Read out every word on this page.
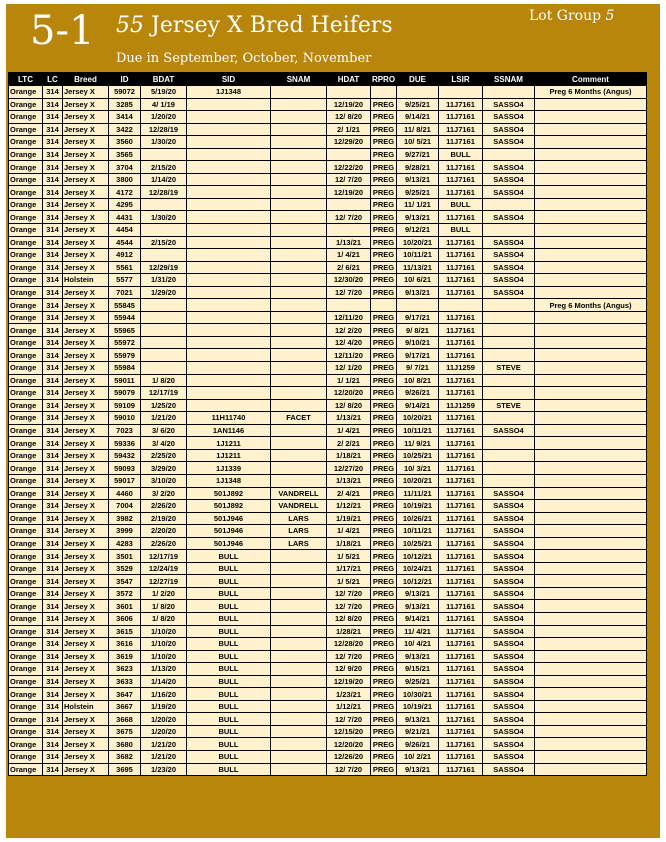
5-1 55 Jersey X Bred Heifers
Due in September, October, November
Lot Group 5
LTC	LC	Breed	ID	BDAT	SID	SNAM	HDAT	RPRO	DUE	LSIR	SSNAM	Comment
Orange	314	Jersey X	59072	5/19/20	1J1348							Preg 6 Months (Angus)
Orange	314	Jersey X	3285	4/ 1/19			12/19/20	PREG	9/25/21	11J7161	SASSO4	
Orange	314	Jersey X	3414	1/20/20			12/ 8/20	PREG	9/14/21	11J7161	SASSO4	
Orange	314	Jersey X	3422	12/28/19			2/ 1/21	PREG	11/ 8/21	11J7161	SASSO4	
Orange	314	Jersey X	3560	1/30/20			12/29/20	PREG	10/ 5/21	11J7161	SASSO4	
Orange	314	Jersey X	3565					PREG	9/27/21	BULL		
Orange	314	Jersey X	3704	2/15/20			12/22/20	PREG	9/28/21	11J7161	SASSO4	
Orange	314	Jersey X	3800	1/14/20			12/ 7/20	PREG	9/13/21	11J7161	SASSO4	
Orange	314	Jersey X	4172	12/28/19			12/19/20	PREG	9/25/21	11J7161	SASSO4	
Orange	314	Jersey X	4295					PREG	11/ 1/21	BULL		
Orange	314	Jersey X	4431	1/30/20			12/ 7/20	PREG	9/13/21	11J7161	SASSO4	
Orange	314	Jersey X	4454					PREG	9/12/21	BULL		
Orange	314	Jersey X	4544	2/15/20			1/13/21	PREG	10/20/21	11J7161	SASSO4	
Orange	314	Jersey X	4912				1/ 4/21	PREG	10/11/21	11J7161	SASSO4	
Orange	314	Jersey X	5561	12/29/19			2/ 6/21	PREG	11/13/21	11J7161	SASSO4	
Orange	314	Holstein	5577	1/31/20			12/30/20	PREG	10/ 6/21	11J7161	SASSO4	
Orange	314	Jersey X	7021	1/29/20			12/ 7/20	PREG	9/13/21	11J7161	SASSO4	
Orange	314	Jersey X	55845									Preg 6 Months (Angus)
Orange	314	Jersey X	55944				12/11/20	PREG	9/17/21	11J7161		
Orange	314	Jersey X	55965				12/ 2/20	PREG	9/ 8/21	11J7161		
Orange	314	Jersey X	55972				12/ 4/20	PREG	9/10/21	11J7161		
Orange	314	Jersey X	55979				12/11/20	PREG	9/17/21	11J7161		
Orange	314	Jersey X	55984				12/ 1/20	PREG	9/ 7/21	11J1259	STEVE	
Orange	314	Jersey X	59011	1/ 8/20			1/ 1/21	PREG	10/ 8/21	11J7161		
Orange	314	Jersey X	59079	12/17/19			12/20/20	PREG	9/26/21	11J7161		
Orange	314	Jersey X	59109	1/25/20			12/ 8/20	PREG	9/14/21	11J1259	STEVE	
Orange	314	Jersey X	59010	1/21/20	11H11740	FACET	1/13/21	PREG	10/20/21	11J7161		
Orange	314	Jersey X	7023	3/ 6/20	1AN1146		1/ 4/21	PREG	10/11/21	11J7161	SASSO4	
Orange	314	Jersey X	59336	3/ 4/20	1J1211		2/ 2/21	PREG	11/ 9/21	11J7161		
Orange	314	Jersey X	59432	2/25/20	1J1211		1/18/21	PREG	10/25/21	11J7161		
Orange	314	Jersey X	59093	3/29/20	1J1339		12/27/20	PREG	10/ 3/21	11J7161		
Orange	314	Jersey X	59017	3/10/20	1J1348		1/13/21	PREG	10/20/21	11J7161		
Orange	314	Jersey X	4460	3/ 2/20	501J892	VANDRELL	2/ 4/21	PREG	11/11/21	11J7161	SASSO4	
Orange	314	Jersey X	7004	2/26/20	501J892	VANDRELL	1/12/21	PREG	10/19/21	11J7161	SASSO4	
Orange	314	Jersey X	3982	2/19/20	501J946	LARS	1/19/21	PREG	10/26/21	11J7161	SASSO4	
Orange	314	Jersey X	3999	2/20/20	501J946	LARS	1/ 4/21	PREG	10/11/21	11J7161	SASSO4	
Orange	314	Jersey X	4283	2/26/20	501J946	LARS	1/18/21	PREG	10/25/21	11J7161	SASSO4	
Orange	314	Jersey X	3501	12/17/19	BULL		1/ 5/21	PREG	10/12/21	11J7161	SASSO4	
Orange	314	Jersey X	3529	12/24/19	BULL		1/17/21	PREG	10/24/21	11J7161	SASSO4	
Orange	314	Jersey X	3547	12/27/19	BULL		1/ 5/21	PREG	10/12/21	11J7161	SASSO4	
Orange	314	Jersey X	3572	1/ 2/20	BULL		12/ 7/20	PREG	9/13/21	11J7161	SASSO4	
Orange	314	Jersey X	3601	1/ 8/20	BULL		12/ 7/20	PREG	9/13/21	11J7161	SASSO4	
Orange	314	Jersey X	3606	1/ 8/20	BULL		12/ 8/20	PREG	9/14/21	11J7161	SASSO4	
Orange	314	Jersey X	3615	1/10/20	BULL		1/28/21	PREG	11/ 4/21	11J7161	SASSO4	
Orange	314	Jersey X	3616	1/10/20	BULL		12/28/20	PREG	10/ 4/21	11J7161	SASSO4	
Orange	314	Jersey X	3619	1/10/20	BULL		12/ 7/20	PREG	9/13/21	11J7161	SASSO4	
Orange	314	Jersey X	3623	1/13/20	BULL		12/ 9/20	PREG	9/15/21	11J7161	SASSO4	
Orange	314	Jersey X	3633	1/14/20	BULL		12/19/20	PREG	9/25/21	11J7161	SASSO4	
Orange	314	Jersey X	3647	1/16/20	BULL		1/23/21	PREG	10/30/21	11J7161	SASSO4	
Orange	314	Holstein	3667	1/19/20	BULL		1/12/21	PREG	10/19/21	11J7161	SASSO4	
Orange	314	Jersey X	3668	1/20/20	BULL		12/ 7/20	PREG	9/13/21	11J7161	SASSO4	
Orange	314	Jersey X	3675	1/20/20	BULL		12/15/20	PREG	9/21/21	11J7161	SASSO4	
Orange	314	Jersey X	3680	1/21/20	BULL		12/20/20	PREG	9/26/21	11J7161	SASSO4	
Orange	314	Jersey X	3682	1/21/20	BULL		12/26/20	PREG	10/ 2/21	11J7161	SASSO4	
Orange	314	Jersey X	3695	1/23/20	BULL		12/ 7/20	PREG	9/13/21	11J7161	SASSO4	
